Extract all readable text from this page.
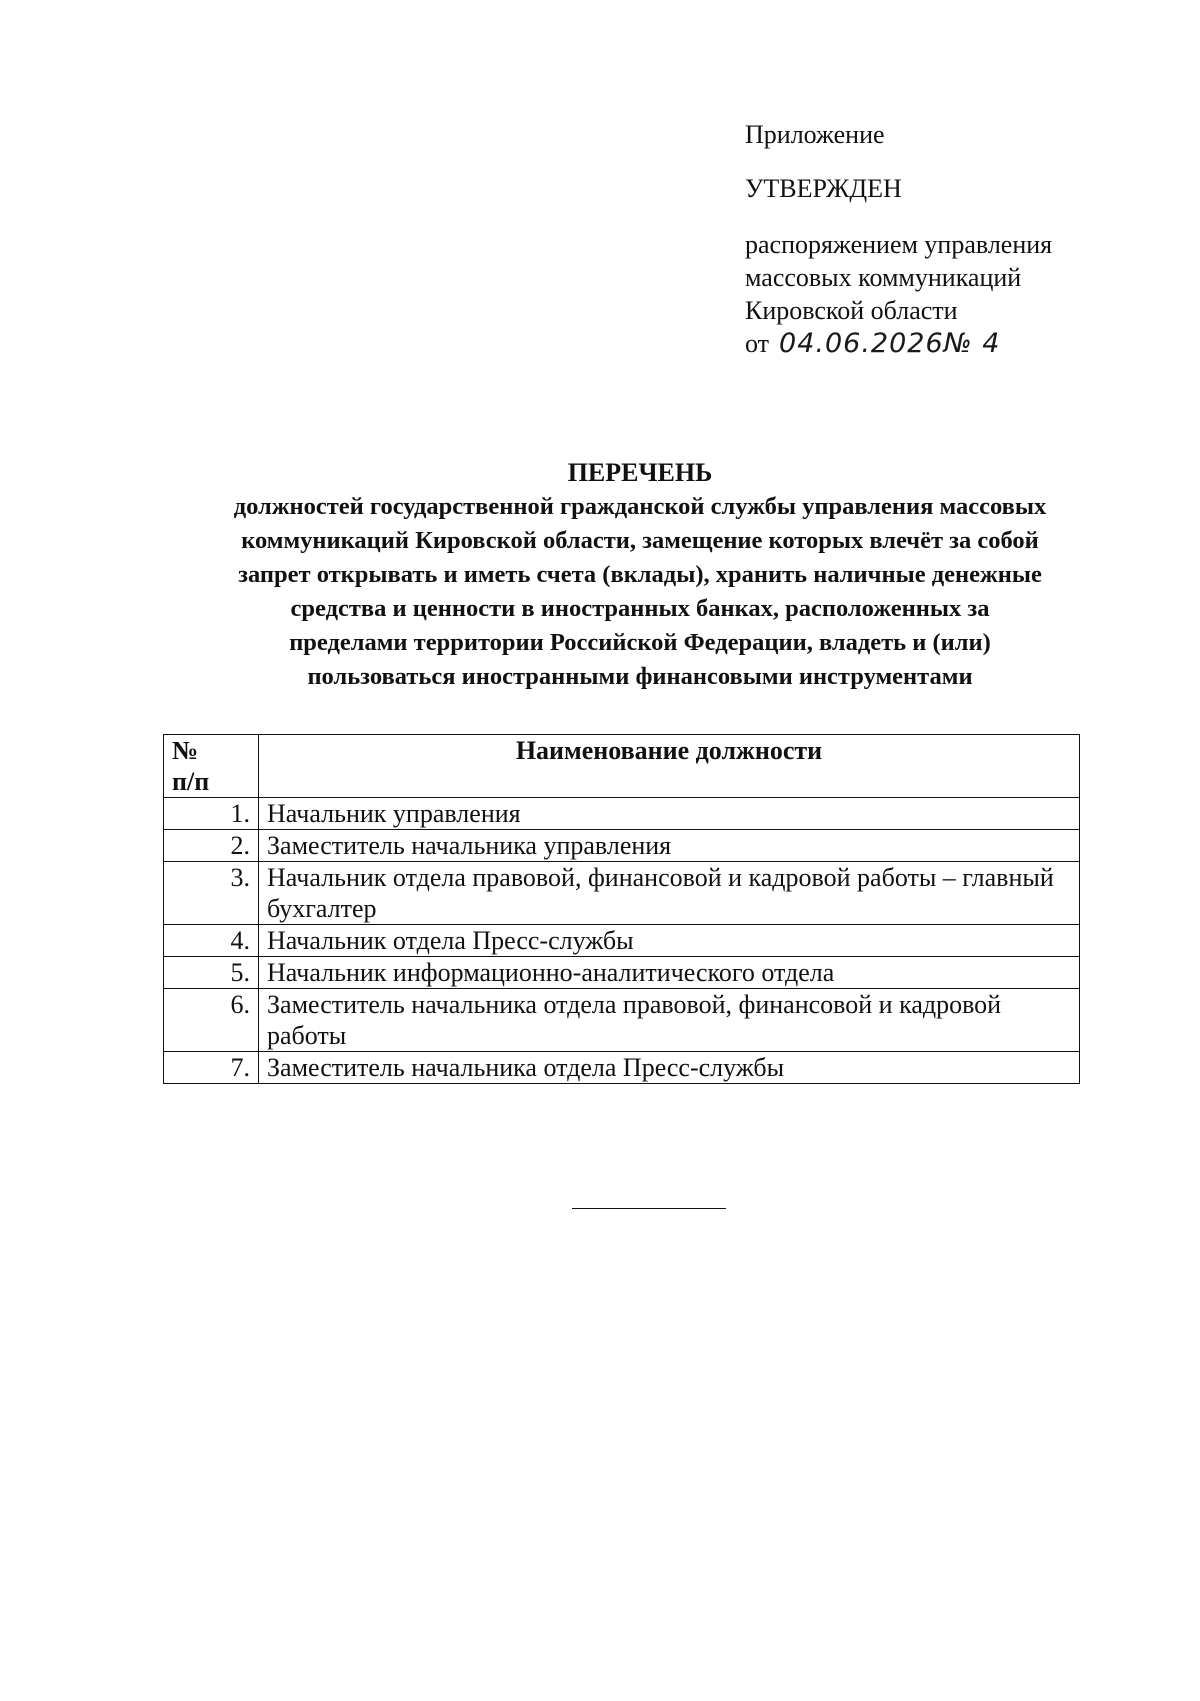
Приложение
УТВЕРЖДЕН
распоряжением управления
массовых коммуникаций
Кировской области
от 04.06.2026№ 4
ПЕРЕЧЕНЬ
должностей государственной гражданской службы управления массовых
коммуникаций Кировской области, замещение которых влечёт за собой
запрет открывать и иметь счета (вклады), хранить наличные денежные
средства и ценности в иностранных банках, расположенных за
пределами территории Российской Федерации, владеть и (или)
пользоваться иностранными финансовыми инструментами
№
п/п	Наименование должности
1.	Начальник управления
2.	Заместитель начальника управления
3.	Начальник отдела правовой, финансовой и кадровой работы – главный бухгалтер
4.	Начальник отдела Пресс-службы
5.	Начальник информационно-аналитического отдела
6.	Заместитель начальника отдела правовой, финансовой и кадровой работы
7.	Заместитель начальника отдела Пресс-службы
